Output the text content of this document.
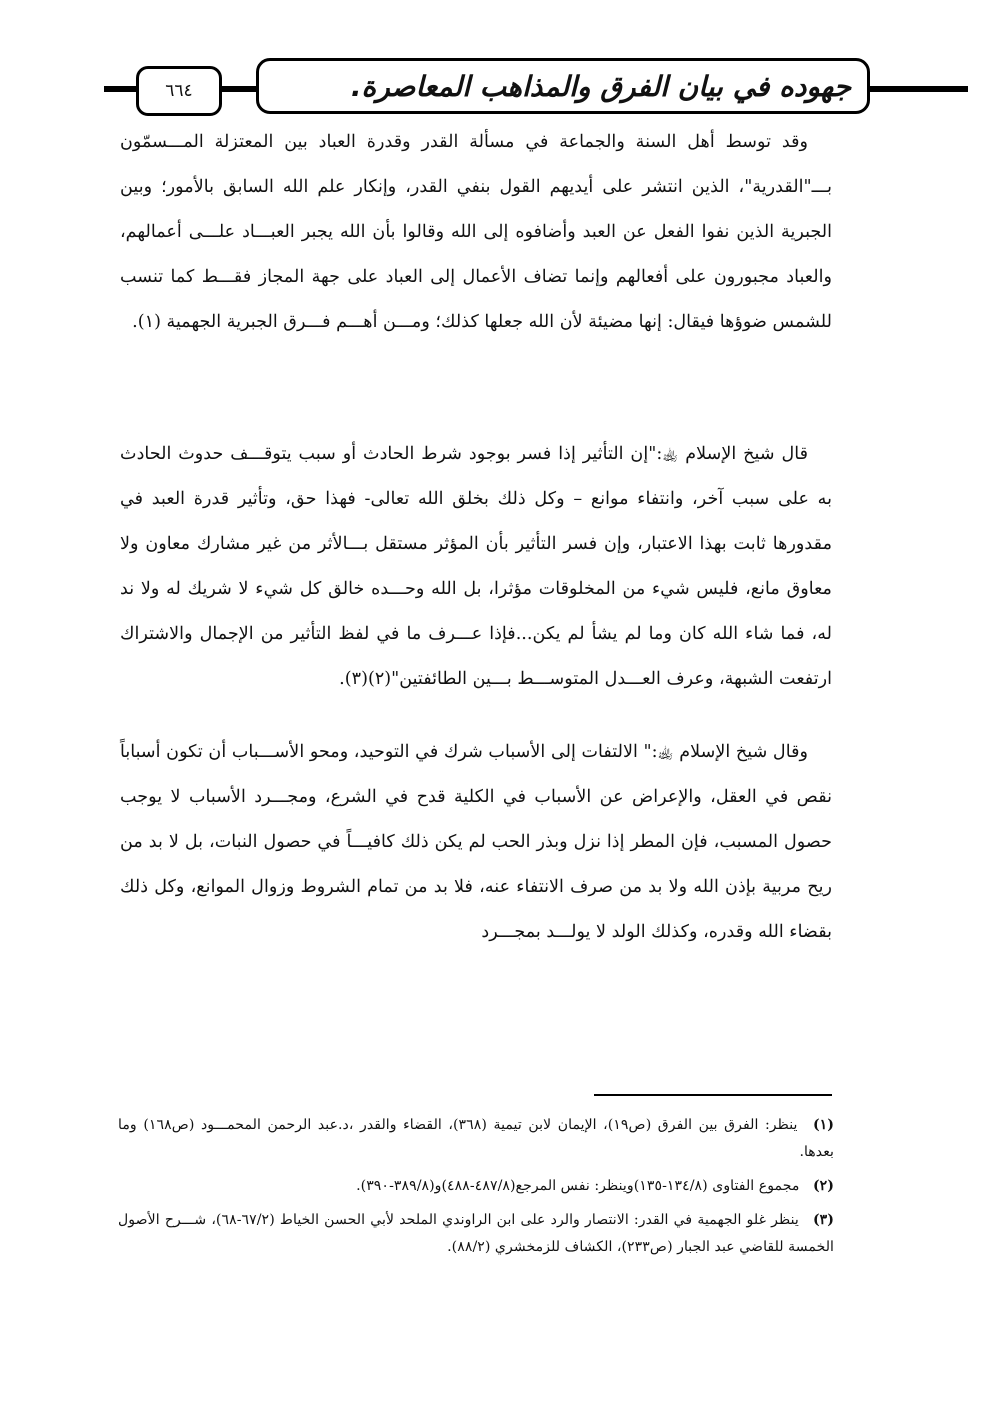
٦٦٤	جهوده في بيان الفرق والمذاهب المعاصرة.

وقد توسط أهل السنة والجماعة في مسألة القدر وقدرة العباد بين المعتزلة المـــسمّون بـــ"القدرية"، الذين انتشر على أيديهم القول بنفي القدر، وإنكار علم الله السابق بالأمور؛ وبين الجبرية الذين نفوا الفعل عن العبد وأضافوه إلى الله وقالوا بأن الله يجبر العبـــاد علـــى أعمالهم، والعباد مجبورون على أفعالهم وإنما تضاف الأعمال إلى العباد على جهة المجاز فقـــط كما تنسب للشمس ضوؤها فيقال: إنها مضيئة لأن الله جعلها كذلك؛ ومـــن أهـــم فـــرق الجبرية الجهمية (١).

قال شيخ الإسلام ﵀:"إن التأثير إذا فسر بوجود شرط الحادث أو سبب يتوقـــف حدوث الحادث به على سبب آخر، وانتفاء موانع – وكل ذلك بخلق الله تعالى- فهذا حق، وتأثير قدرة العبد في مقدورها ثابت بهذا الاعتبار، وإن فسر التأثير بأن المؤثر مستقل بـــالأثر من غير مشارك معاون ولا معاوق مانع، فليس شيء من المخلوقات مؤثرا، بل الله وحـــده خالق كل شيء لا شريك له ولا ند له، فما شاء الله كان وما لم يشأ لم يكن...فإذا عـــرف ما في لفظ التأثير من الإجمال والاشتراك ارتفعت الشبهة، وعرف العـــدل المتوســـط بـــين الطائفتين"(٢)(٣).

وقال شيخ الإسلام ﵀:" الالتفات إلى الأسباب شرك في التوحيد، ومحو الأســـباب أن تكون أسباباً نقص في العقل، والإعراض عن الأسباب في الكلية قدح في الشرع، ومجـــرد الأسباب لا يوجب حصول المسبب، فإن المطر إذا نزل وبذر الحب لم يكن ذلك كافيـــاً في حصول النبات، بل لا بد من ريح مربية بإذن الله ولا بد من صرف الانتفاء عنه، فلا بد من تمام الشروط وزوال الموانع، وكل ذلك بقضاء الله وقدره، وكذلك الولد لا يولـــد بمجـــرد

(١) ينظر: الفرق بين الفرق (ص١٩)، الإيمان لابن تيمية (٣٦٨)، القضاء والقدر ،د.عبد الرحمن المحمـــود (ص١٦٨) وما بعدها.

(٢) مجموع الفتاوى (١٣٤/٨-١٣٥)وينظر: نفس المرجع(٤٨٧/٨-٤٨٨)و(٣٨٩/٨-٣٩٠).

(٣) ينظر غلو الجهمية في القدر: الانتصار والرد على ابن الراوندي الملحد لأبي الحسن الخياط (٦٧/٢-٦٨)، شـــرح الأصول الخمسة للقاضي عبد الجبار (ص٢٣٣)، الكشاف للزمخشري (٨٨/٢).
